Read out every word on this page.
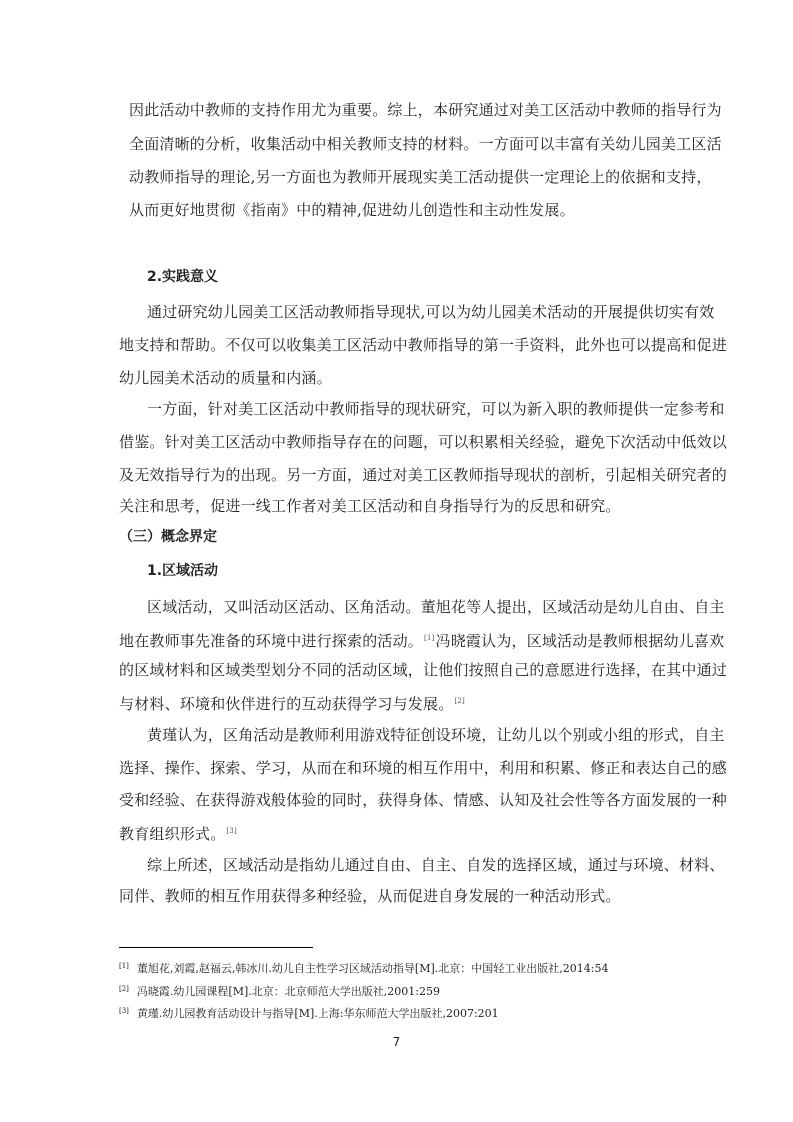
因此活动中教师的支持作用尤为重要。综上，本研究通过对美工区活动中教师的指导行为
全面清晰的分析，收集活动中相关教师支持的材料。一方面可以丰富有关幼儿园美工区活
动教师指导的理论,另一方面也为教师开展现实美工活动提供一定理论上的依据和支持，
从而更好地贯彻《指南》中的精神,促进幼儿创造性和主动性发展。
2.实践意义
通过研究幼儿园美工区活动教师指导现状,可以为幼儿园美术活动的开展提供切实有效
地支持和帮助。不仅可以收集美工区活动中教师指导的第一手资料，此外也可以提高和促进
幼儿园美术活动的质量和内涵。
一方面，针对美工区活动中教师指导的现状研究，可以为新入职的教师提供一定参考和
借鉴。针对美工区活动中教师指导存在的问题，可以积累相关经验，避免下次活动中低效以
及无效指导行为的出现。另一方面，通过对美工区教师指导现状的剖析，引起相关研究者的
关注和思考，促进一线工作者对美工区活动和自身指导行为的反思和研究。
（三）概念界定
1.区域活动
区域活动，又叫活动区活动、区角活动。董旭花等人提出，区域活动是幼儿自由、自主
地在教师事先准备的环境中进行探索的活动。[1]冯晓霞认为，区域活动是教师根据幼儿喜欢
的区域材料和区域类型划分不同的活动区域，让他们按照自己的意愿进行选择，在其中通过
与材料、环境和伙伴进行的互动获得学习与发展。[2]
黄瑾认为，区角活动是教师利用游戏特征创设环境，让幼儿以个别或小组的形式，自主
选择、操作、探索、学习，从而在和环境的相互作用中，利用和积累、修正和表达自己的感
受和经验、在获得游戏般体验的同时，获得身体、情感、认知及社会性等各方面发展的一种
教育组织形式。[3]
综上所述，区域活动是指幼儿通过自由、自主、自发的选择区域，通过与环境、材料、
同伴、教师的相互作用获得多种经验，从而促进自身发展的一种活动形式。
[1] 董旭花,刘霞,赵福云,韩冰川.幼儿自主性学习区域活动指导[M].北京：中国轻工业出版社,2014:54
[2] 冯晓霞.幼儿园课程[M].北京：北京师范大学出版社,2001:259
[3] 黄瑾.幼儿园教育活动设计与指导[M].上海:华东师范大学出版社,2007:201
7
